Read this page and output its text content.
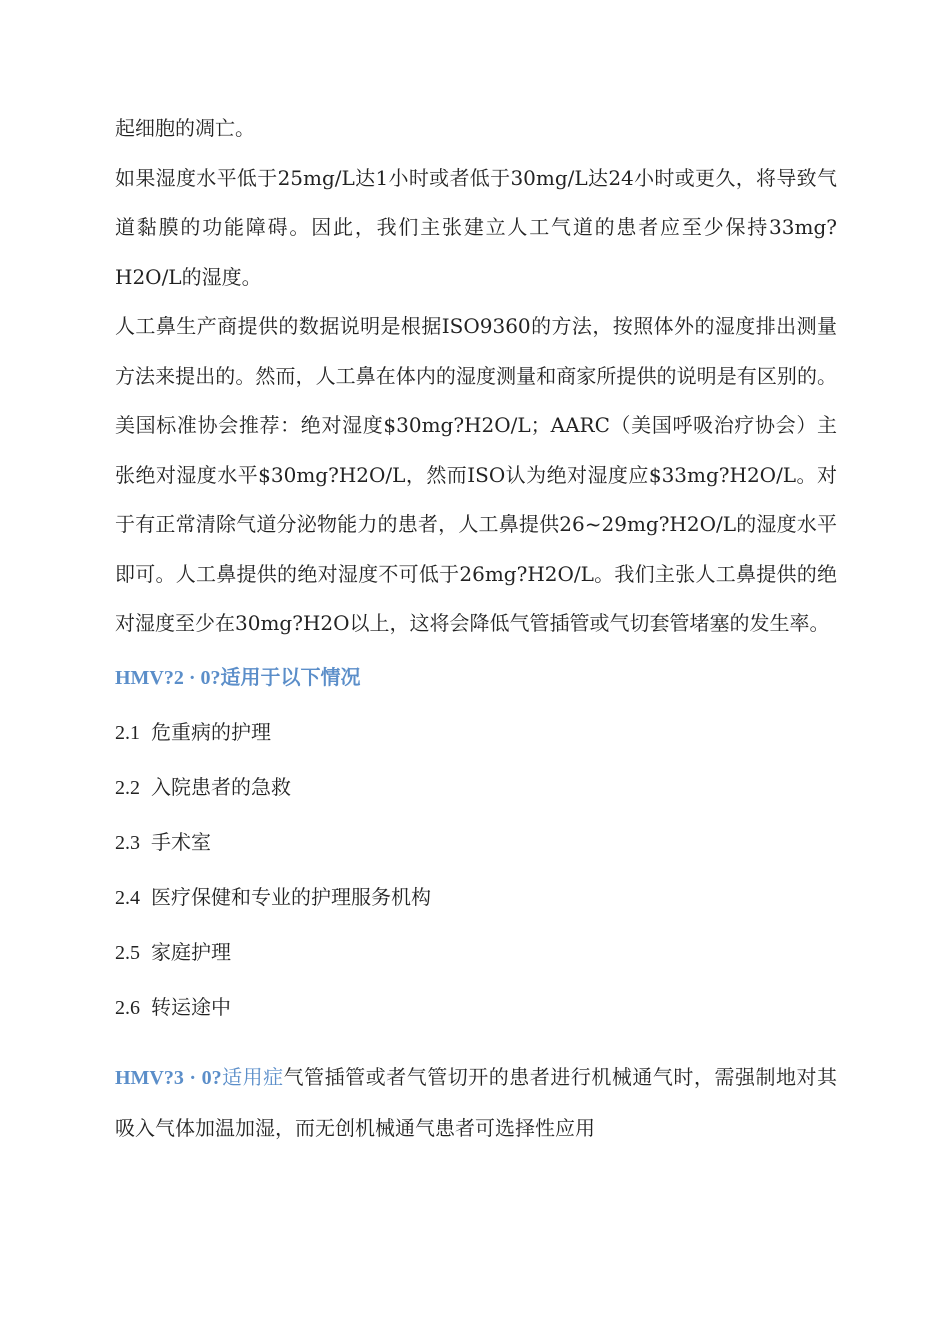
起细胞的凋亡。

如果湿度水平低于25mg/L达1小时或者低于30mg/L达24小时或更久，将导致气道黏膜的功能障碍。因此，我们主张建立人工气道的患者应至少保持33mg?H2O/L的湿度。

人工鼻生产商提供的数据说明是根据ISO9360的方法，按照体外的湿度排出测量方法来提出的。然而，人工鼻在体内的湿度测量和商家所提供的说明是有区别的。美国标准协会推荐：绝对湿度$30mg?H2O/L；AARC（美国呼吸治疗协会）主张绝对湿度水平$30mg?H2O/L，然而ISO认为绝对湿度应$33mg?H2O/L。对于有正常清除气道分泌物能力的患者，人工鼻提供26~29mg?H2O/L的湿度水平即可。人工鼻提供的绝对湿度不可低于26mg?H2O/L。我们主张人工鼻提供的绝对湿度至少在30mg?H2O以上，这将会降低气管插管或气切套管堵塞的发生率。

HMV?2 · 0?适用于以下情况
2.1 危重病的护理
2.2 入院患者的急救
2.3 手术室
2.4 医疗保健和专业的护理服务机构
2.5 家庭护理
2.6 转运途中

HMV?3 · 0?适用症气管插管或者气管切开的患者进行机械通气时，需强制地对其吸入气体加温加湿，而无创机械通气患者可选择性应用
